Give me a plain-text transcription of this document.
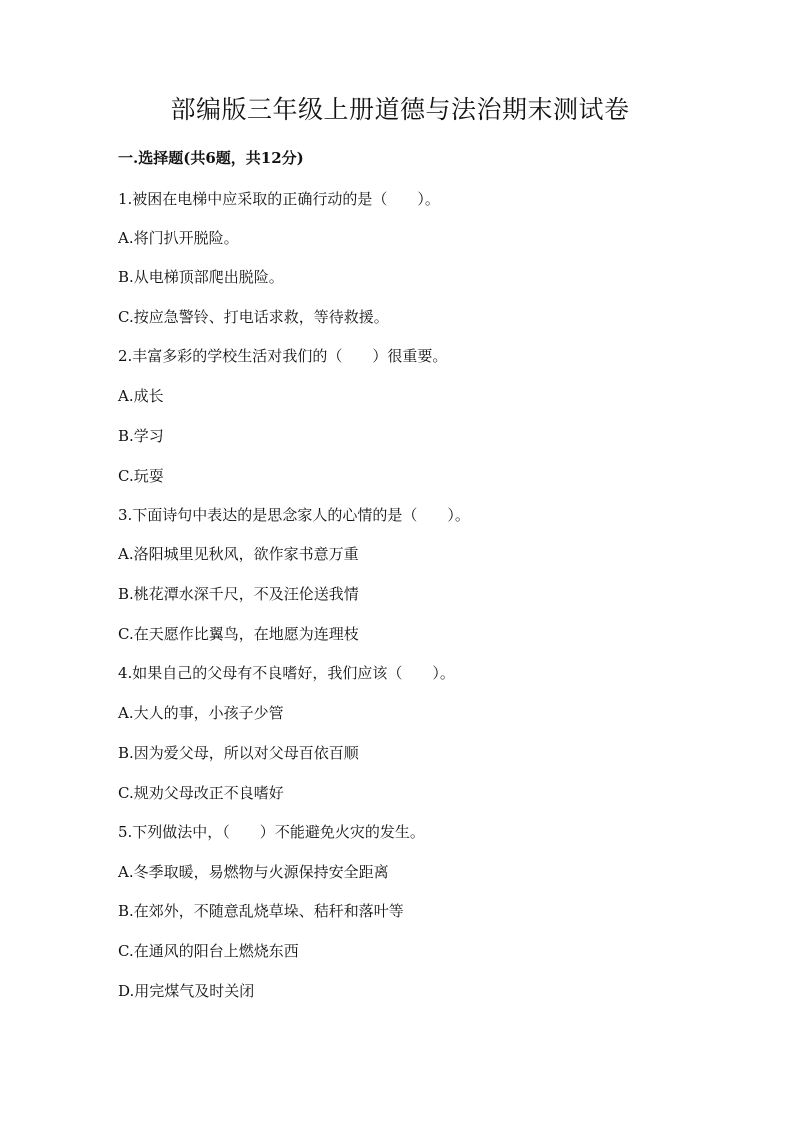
部编版三年级上册道德与法治期末测试卷
一.选择题(共6题，共12分)

1.被困在电梯中应采取的正确行动的是（　　）。

A.将门扒开脱险。

B.从电梯顶部爬出脱险。

C.按应急警铃、打电话求救，等待救援。

2.丰富多彩的学校生活对我们的（　　）很重要。

A.成长

B.学习

C.玩耍

3.下面诗句中表达的是思念家人的心情的是（　　）。

A.洛阳城里见秋风，欲作家书意万重

B.桃花潭水深千尺，不及汪伦送我情

C.在天愿作比翼鸟，在地愿为连理枝

4.如果自己的父母有不良嗜好，我们应该（　　）。

A.大人的事，小孩子少管

B.因为爱父母，所以对父母百依百顺

C.规劝父母改正不良嗜好

5.下列做法中，（　　）不能避免火灾的发生。

A.冬季取暖，易燃物与火源保持安全距离

B.在郊外，不随意乱烧草垛、秸秆和落叶等

C.在通风的阳台上燃烧东西

D.用完煤气及时关闭
